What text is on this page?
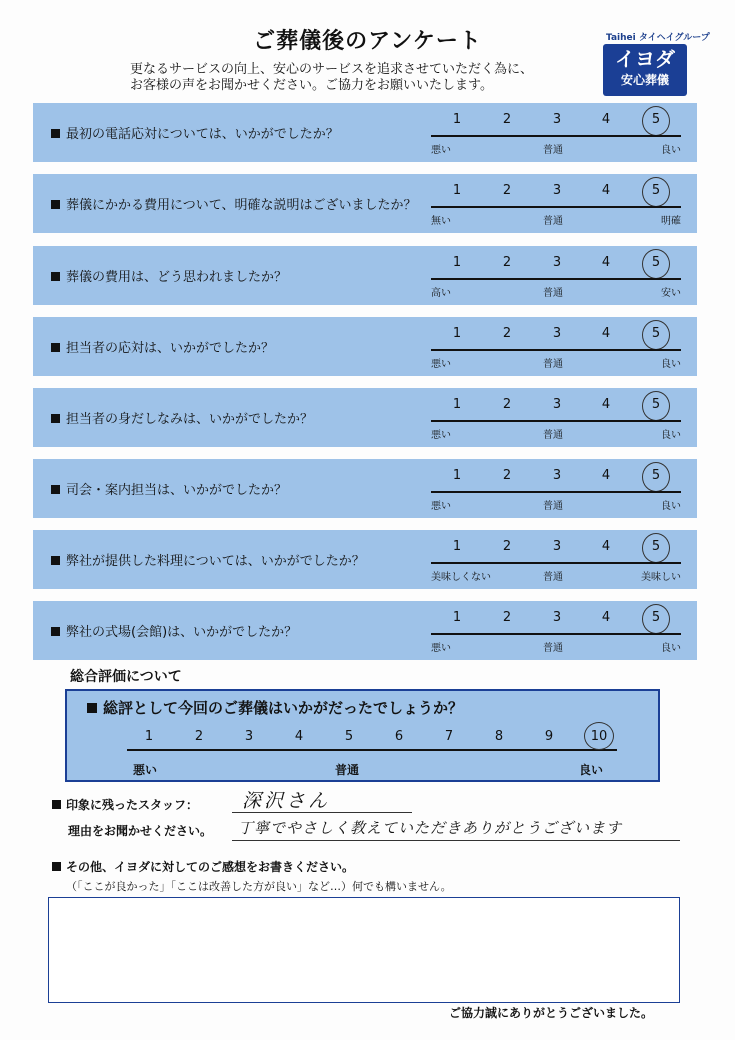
ご葬儀後のアンケート
更なるサービスの向上、安心のサービスを追求させていただく為に、
お客様の声をお聞かせください。ご協力をお願いいたします。
Taihei タイヘイグループ
イヨダ
安心葬儀
最初の電話応対については、いかがでしたか？
1	2	3	4	5
悪い	普通	良い
葬儀にかかる費用について、明確な説明はございましたか？
1	2	3	4	5
無い	普通	明確
葬儀の費用は、どう思われましたか？
1	2	3	4	5
高い	普通	安い
担当者の応対は、いかがでしたか？
1	2	3	4	5
悪い	普通	良い
担当者の身だしなみは、いかがでしたか？
1	2	3	4	5
悪い	普通	良い
司会・案内担当は、いかがでしたか？
1	2	3	4	5
悪い	普通	良い
弊社が提供した料理については、いかがでしたか？
1	2	3	4	5
美味しくない	普通	美味しい
弊社の式場(会館)は、いかがでしたか？
1	2	3	4	5
悪い	普通	良い
総合評価について
総評として今回のご葬儀はいかがだったでしょうか？
悪い	普通	良い
1	2	3	4	5	6	7	8	9	10
印象に残ったスタッフ： 深沢さん
理由をお聞かせください。 丁寧でやさしく教えていただきありがとうございます
その他、イヨダに対してのご感想をお書きください。
（「ここが良かった」「ここは改善した方が良い」など…）何でも構いません。
ご協力誠にありがとうございました。
